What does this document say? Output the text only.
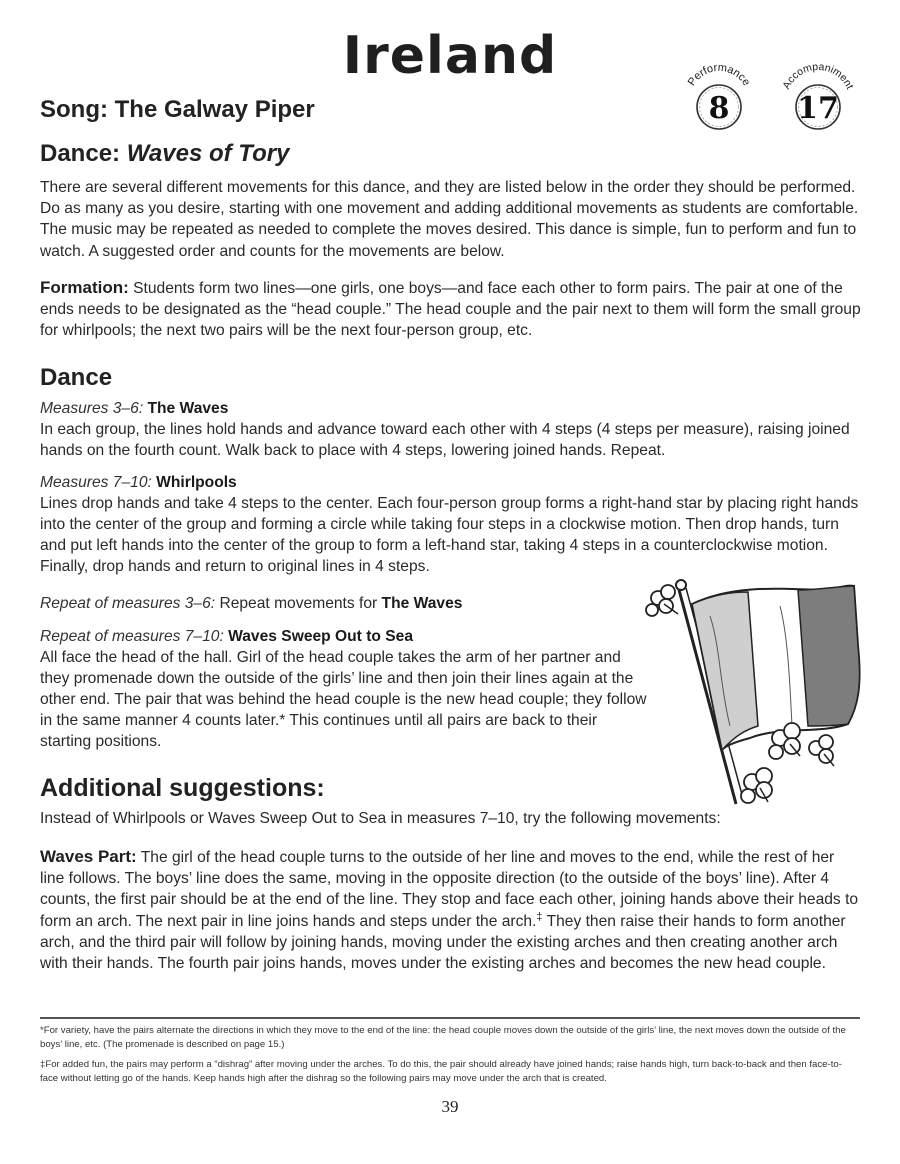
Ireland	Performance
8
Accompaniment
17
Song: The Galway Piper
Dance: Waves of Tory

There are several different movements for this dance, and they are listed below in the order they should be performed. Do as many as you desire, starting with one movement and adding additional movements as students are comfortable. The music may be repeated as needed to complete the moves desired. This dance is simple, fun to perform and fun to watch. A suggested order and counts for the movements are below.

Formation: Students form two lines—one girls, one boys—and face each other to form pairs. The pair at one of the ends needs to be designated as the “head couple.” The head couple and the pair next to them will form the small group for whirlpools; the next two pairs will be the next four-person group, etc.

Dance

Measures 3–6: The Waves
In each group, the lines hold hands and advance toward each other with 4 steps (4 steps per measure), raising joined hands on the fourth count. Walk back to place with 4 steps, lowering joined hands. Repeat.

Measures 7–10: Whirlpools
Lines drop hands and take 4 steps to the center. Each four-person group forms a right-hand star by placing right hands into the center of the group and forming a circle while taking four steps in a clockwise motion. Then drop hands, turn and put left hands into the center of the group to form a left-hand star, taking 4 steps in a counterclockwise motion. Finally, drop hands and return to original lines in 4 steps.

Repeat of measures 3–6: Repeat movements for The Waves

Repeat of measures 7–10: Waves Sweep Out to Sea
All face the head of the hall. Girl of the head couple takes the arm of her partner and they promenade down the outside of the girls’ line and then join their lines again at the other end. The pair that was behind the head couple is the new head couple; they follow in the same manner 4 counts later.* This continues until all pairs are back to their starting positions.

Additional suggestions:

Instead of Whirlpools or Waves Sweep Out to Sea in measures 7–10, try the following movements:

Waves Part: The girl of the head couple turns to the outside of her line and moves to the end, while the rest of her line follows. The boys’ line does the same, moving in the opposite direction (to the outside of the boys’ line). After 4 counts, the first pair should be at the end of the line. They stop and face each other, joining hands above their heads to form an arch. The next pair in line joins hands and steps under the arch.‡ They then raise their hands to form another arch, and the third pair will follow by joining hands, moving under the existing arches and then creating another arch with their hands. The fourth pair joins hands, moves under the existing arches and becomes the new head couple.

*For variety, have the pairs alternate the directions in which they move to the end of the line: the head couple moves down the outside of the girls’ line, the next moves down the outside of the boys’ line, etc. (The promenade is described on page 15.)

‡For added fun, the pairs may perform a “dishrag” after moving under the arches. To do this, the pair should already have joined hands; raise hands high, turn back-to-back and then face-to-face without letting go of the hands. Keep hands high after the dishrag so the following pairs may move under the arch that is created.

39
